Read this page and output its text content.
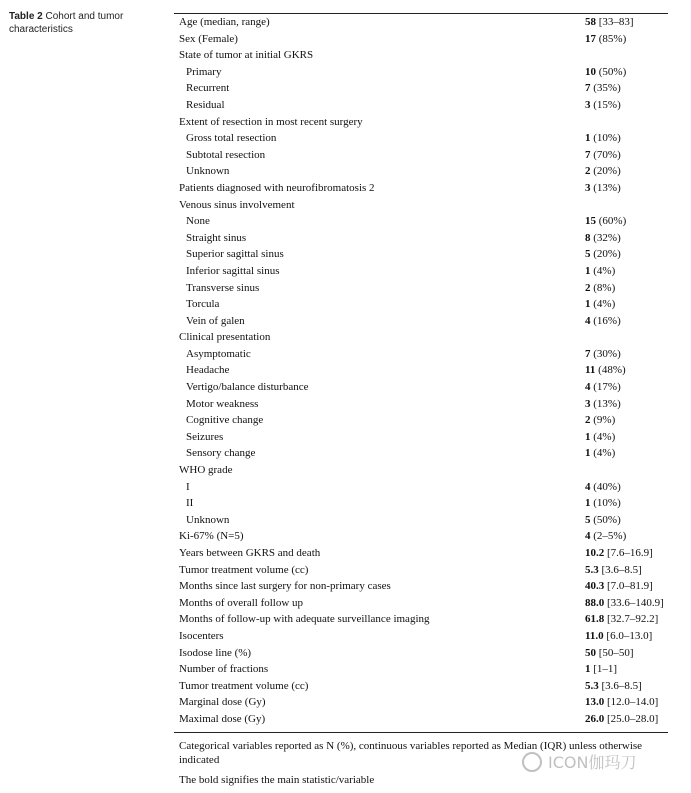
Table 2 Cohort and tumor characteristics
Age (median, range)	58 [33–83]
Sex (Female)	17 (85%)
State of tumor at initial GKRS
Primary	10 (50%)
Recurrent	7 (35%)
Residual	3 (15%)
Extent of resection in most recent surgery
Gross total resection	1 (10%)
Subtotal resection	7 (70%)
Unknown	2 (20%)
Patients diagnosed with neurofibromatosis 2	3 (13%)
Venous sinus involvement
None	15 (60%)
Straight sinus	8 (32%)
Superior sagittal sinus	5 (20%)
Inferior sagittal sinus	1 (4%)
Transverse sinus	2 (8%)
Torcula	1 (4%)
Vein of galen	4 (16%)
Clinical presentation
Asymptomatic	7 (30%)
Headache	11 (48%)
Vertigo/balance disturbance	4 (17%)
Motor weakness	3 (13%)
Cognitive change	2 (9%)
Seizures	1 (4%)
Sensory change	1 (4%)
WHO grade
I	4 (40%)
II	1 (10%)
Unknown	5 (50%)
Ki-67% (N=5)	4 (2–5%)
Years between GKRS and death	10.2 [7.6–16.9]
Tumor treatment volume (cc)	5.3 [3.6–8.5]
Months since last surgery for non-primary cases	40.3 [7.0–81.9]
Months of overall follow up	88.0 [33.6–140.9]
Months of follow-up with adequate surveillance imaging	61.8 [32.7–92.2]
Isocenters	11.0 [6.0–13.0]
Isodose line (%)	50 [50–50]
Number of fractions	1 [1–1]
Tumor treatment volume (cc)	5.3 [3.6–8.5]
Marginal dose (Gy)	13.0 [12.0–14.0]
Maximal dose (Gy)	26.0 [25.0–28.0]

Categorical variables reported as N (%), continuous variables reported as Median (IQR) unless otherwise indicated

The bold signifies the main statistic/variable

ICON伽玛刀
